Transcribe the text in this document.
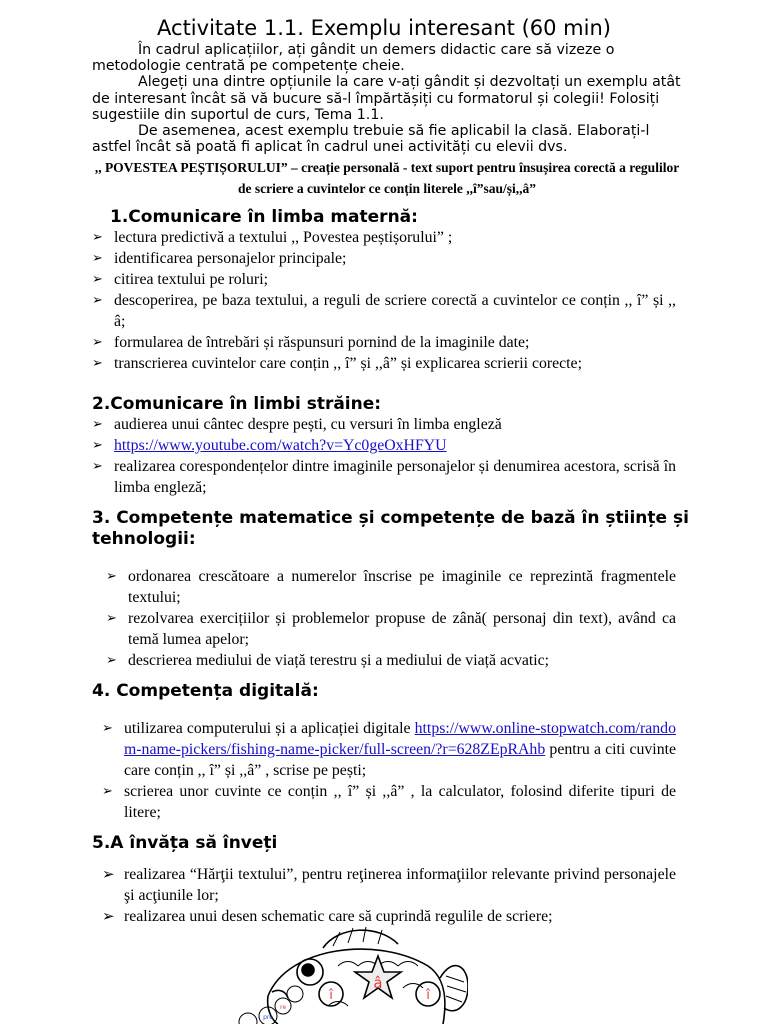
Activitate 1.1. Exemplu interesant (60 min)

În cadrul aplicațiilor, ați gândit un demers didactic care să vizeze o metodologie centrată pe competențe cheie.

Alegeți una dintre opțiunile la care v-ați gândit și dezvoltați un exemplu atât de interesant încât să vă bucure să-l împărtășiți cu formatorul și colegii! Folosiți sugestiile din suportul de curs, Tema 1.1.

De asemenea, acest exemplu trebuie să fie aplicabil la clasă. Elaborați-l astfel încât să poată fi aplicat în cadrul unei activități cu elevii dvs.

,, POVESTEA PEȘTIȘORULUI” – creație personală - text suport pentru însușirea corectă a regulilor de scriere a cuvintelor ce conțin literele ,,î”sau/și,,â”
1.Comunicare în limba maternă:
➢ lectura predictivă a textului ,, Povestea peștișorului” ;
➢ identificarea personajelor principale;
➢ citirea textului pe roluri;
➢ descoperirea, pe baza textului, a reguli de scriere corectă a cuvintelor ce conțin ,, î” și ,, â;
➢ formularea de întrebări și răspunsuri pornind de la imaginile date;
➢ transcrierea cuvintelor care conțin ,, î” și ,,â” și explicarea scrierii corecte;
2.Comunicare în limbi străine:
➢ audierea unui cântec despre pești, cu versuri în limba engleză
➢ https://www.youtube.com/watch?v=Yc0geOxHFYU
➢ realizarea corespondențelor dintre imaginile personajelor și denumirea acestora, scrisă în limba engleză;
3. Competențe matematice și competențe de bază în științe și tehnologii:
➢ ordonarea crescătoare a numerelor înscrise pe imaginile ce reprezintă fragmentele textului;
➢ rezolvarea exercițiilor și problemelor propuse de zână( personaj din text), având ca temă lumea apelor;
➢ descrierea mediului de viață terestru și a mediului de viață acvatic;
4. Competența digitală:
➢ utilizarea computerului și a aplicației digitale https://www.online-stopwatch.com/random-name-pickers/fishing-name-picker/full-screen/?r=628ZEpRAhb pentru a citi cuvinte care conțin ,, î” și ,,â” , scrise pe pești;
➢ scrierea unor cuvinte ce conțin ,, î” și ,,â” , la calculator, folosind diferite tipuri de litere;
5.A învăța să înveți
➢ realizarea “Hărţii textului”, pentru reţinerea informaţiilor relevante privind personajele şi acţiunile lor;
➢ realizarea unui desen schematic care să cuprindă regulile de scriere;
â
î	î
pre
re
